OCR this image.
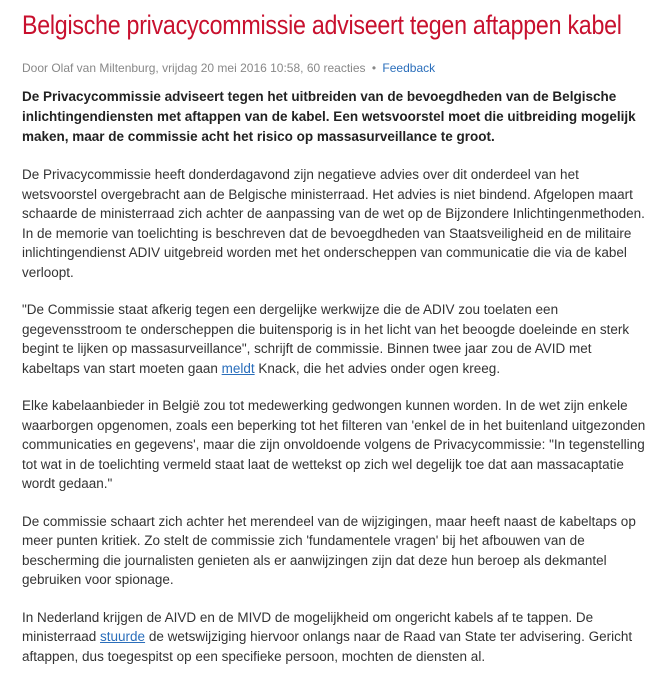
Belgische privacycommissie adviseert tegen aftappen kabel
Door Olaf van Miltenburg, vrijdag 20 mei 2016 10:58, 60 reacties • Feedback

De Privacycommissie adviseert tegen het uitbreiden van de bevoegdheden van de Belgische inlichtingendiensten met aftappen van de kabel. Een wetsvoorstel moet die uitbreiding mogelijk maken, maar de commissie acht het risico op massasurveillance te groot.

De Privacycommissie heeft donderdagavond zijn negatieve advies over dit onderdeel van het wetsvoorstel overgebracht aan de Belgische ministerraad. Het advies is niet bindend. Afgelopen maart schaarde de ministerraad zich achter de aanpassing van de wet op de Bijzondere Inlichtingenmethoden. In de memorie van toelichting is beschreven dat de bevoegdheden van Staatsveiligheid en de militaire inlichtingendienst ADIV uitgebreid worden met het onderscheppen van communicatie die via de kabel verloopt.

"De Commissie staat afkerig tegen een dergelijke werkwijze die de ADIV zou toelaten een gegevensstroom te onderscheppen die buitensporig is in het licht van het beoogde doeleinde en sterk begint te lijken op massasurveillance", schrijft de commissie. Binnen twee jaar zou de AVID met kabeltaps van start moeten gaan meldt Knack, die het advies onder ogen kreeg.

Elke kabelaanbieder in België zou tot medewerking gedwongen kunnen worden. In de wet zijn enkele waarborgen opgenomen, zoals een beperking tot het filteren van 'enkel de in het buitenland uitgezonden communicaties en gegevens', maar die zijn onvoldoende volgens de Privacycommissie: "In tegenstelling tot wat in de toelichting vermeld staat laat de wettekst op zich wel degelijk toe dat aan massacaptatie wordt gedaan."

De commissie schaart zich achter het merendeel van de wijzigingen, maar heeft naast de kabeltaps op meer punten kritiek. Zo stelt de commissie zich 'fundamentele vragen' bij het afbouwen van de bescherming die journalisten genieten als er aanwijzingen zijn dat deze hun beroep als dekmantel gebruiken voor spionage.

In Nederland krijgen de AIVD en de MIVD de mogelijkheid om ongericht kabels af te tappen. De ministerraad stuurde de wetswijziging hiervoor onlangs naar de Raad van State ter advisering. Gericht aftappen, dus toegespitst op een specifieke persoon, mochten de diensten al.
